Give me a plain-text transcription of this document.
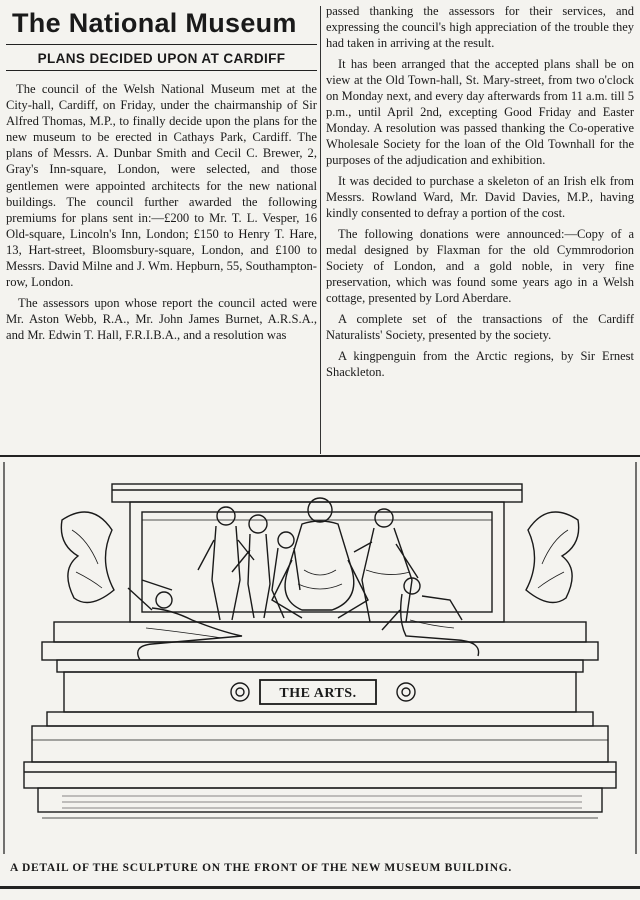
The National Museum
PLANS DECIDED UPON AT CARDIFF

The council of the Welsh National Museum met at the City-hall, Cardiff, on Friday, under the chairmanship of Sir Alfred Thomas, M.P., to finally decide upon the plans for the new museum to be erected in Cathays Park, Cardiff. The plans of Messrs. A. Dunbar Smith and Cecil C. Brewer, 2, Gray's Inn-square, London, were selected, and those gentlemen were appointed architects for the new national buildings. The council further awarded the following premiums for plans sent in:—£200 to Mr. T. L. Vesper, 16 Old-square, Lincoln's Inn, London; £150 to Henry T. Hare, 13, Hart-street, Bloomsbury-square, London, and £100 to Messrs. David Milne and J. Wm. Hepburn, 55, Southampton-row, London.

The assessors upon whose report the council acted were Mr. Aston Webb, R.A., Mr. John James Burnet, A.R.S.A., and Mr. Edwin T. Hall, F.R.I.B.A., and a resolution was

passed thanking the assessors for their services, and expressing the council's high appreciation of the trouble they had taken in arriving at the result.

It has been arranged that the accepted plans shall be on view at the Old Town-hall, St. Mary-street, from two o'clock on Monday next, and every day afterwards from 11 a.m. till 5 p.m., until April 2nd, excepting Good Friday and Easter Monday. A resolution was passed thanking the Co-operative Wholesale Society for the loan of the Old Townhall for the purposes of the adjudication and exhibition.

It was decided to purchase a skeleton of an Irish elk from Messrs. Rowland Ward, Mr. David Davies, M.P., having kindly consented to defray a portion of the cost.

The following donations were announced:—Copy of a medal designed by Flaxman for the old Cymmrodorion Society of London, and a gold noble, in very fine preservation, which was found some years ago in a Welsh cottage, presented by Lord Aberdare.

A complete set of the transactions of the Cardiff Naturalists' Society, presented by the society.

A kingpenguin from the Arctic regions, by Sir Ernest Shackleton.

THE ARTS.
A DETAIL OF THE SCULPTURE ON THE FRONT OF THE NEW MUSEUM BUILDING.
